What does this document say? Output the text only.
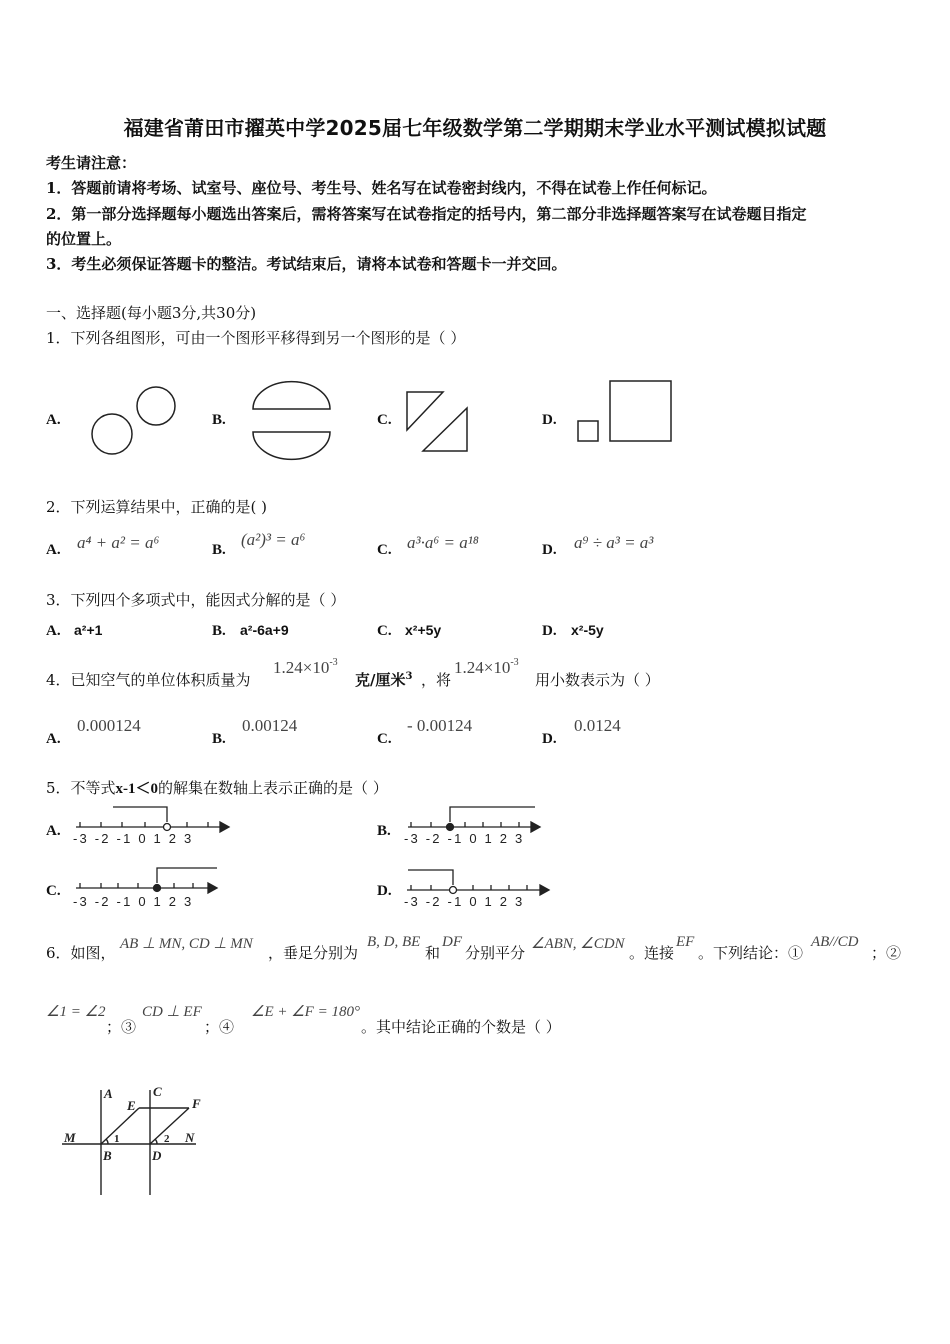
福建省莆田市擢英中学2025届七年级数学第二学期期末学业水平测试模拟试题
考生请注意：
1．答题前请将考场、试室号、座位号、考生号、姓名写在试卷密封线内，不得在试卷上作任何标记。
2．第一部分选择题每小题选出答案后，需将答案写在试卷指定的括号内，第二部分非选择题答案写在试卷题目指定
的位置上。
3．考生必须保证答题卡的整洁。考试结束后，请将本试卷和答题卡一并交回。
一、选择题(每小题3分,共30分)
1．下列各组图形，可由一个图形平移得到另一个图形的是（ ）
A.	B.	C.	D.
2．下列运算结果中，正确的是( )
A. a⁴ + a² = a⁶	B.
(a²)³ = a⁶
C. a³·a⁶ = a¹⁸	D. a⁹ ÷ a³ = a³
3．下列四个多项式中，能因式分解的是（ ）
A. a²+1	B. a²-6a+9	C. x²+5y	D. x²-5y
4．已知空气的单位体积质量为
$1.24\times 10^{-3}$
克/厘米$^3$ ，将
$1.24\times 10^{-3}$
用小数表示为（ ）
A.
0.000124
B.
0.00124
C.
- 0.00124
D.
0.0124
5．不等式x-1＜0的解集在数轴上表示正确的是（ ）
A.	B.
C.	D.
-3 -2 -1 0 1 2 3	-3 -2 -1 0 1 2 3
-3 -2 -1 0 1 2 3	-3 -2 -1 0 1 2 3
6．如图， AB ⊥ MN, CD ⊥ MN ，垂足分别为
B, D, BE
和
DF
分别平分 ∠ABN, ∠CDN 。连接
EF
。下列结论：①
AB//CD
；②
∠1 = ∠2
；③
CD ⊥ EF
；④
∠E + ∠F = 180°
。其中结论正确的个数是（ ）
A	C
E	F
M	N
B	D
1	2
